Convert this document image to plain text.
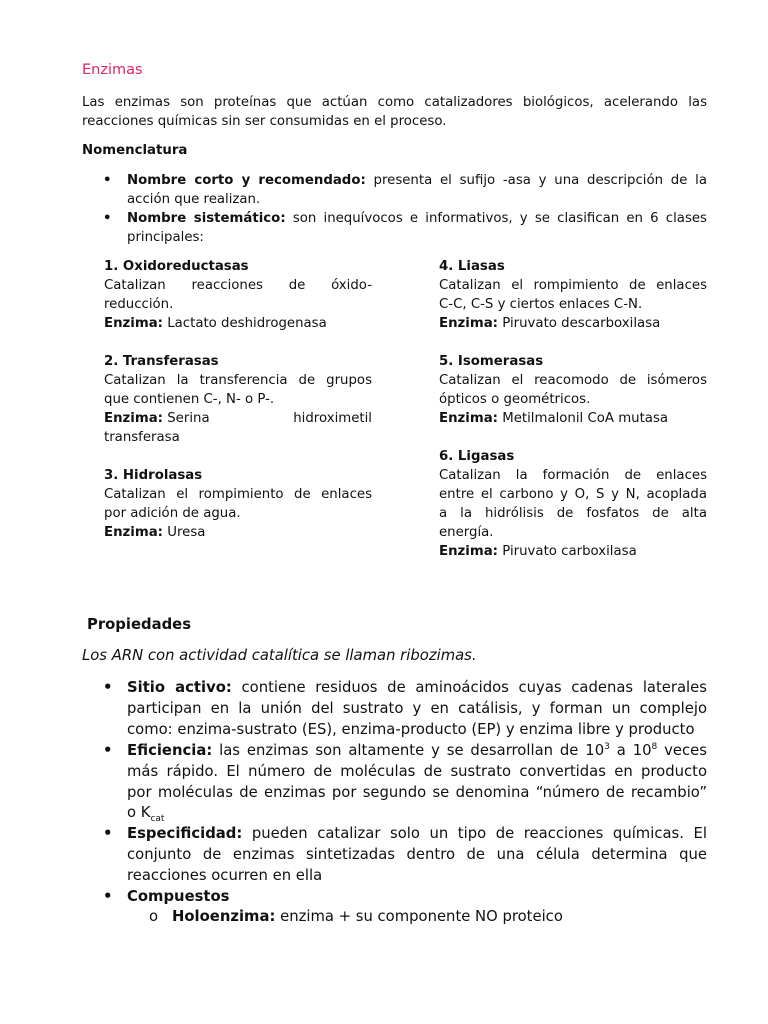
Enzimas
Las enzimas son proteínas que actúan como catalizadores biológicos, acelerando las
reacciones químicas sin ser consumidas en el proceso.
Nomenclatura
• Nombre corto y recomendado: presenta el sufijo -asa y una descripción de la
acción que realizan.
• Nombre sistemático: son inequívocos e informativos, y se clasifican en 6 clases
principales:
1. Oxidoreductasas
Catalizan reacciones de óxido-
reducción.
Enzima: Lactato deshidrogenasa
2. Transferasas
Catalizan la transferencia de grupos
que contienen C-, N- o P-.
Enzima: Serina	hidroximetil
transferasa
3. Hidrolasas
Catalizan el rompimiento de enlaces
por adición de agua.
Enzima: Uresa
4. Liasas
Catalizan el rompimiento de enlaces
C-C, C-S y ciertos enlaces C-N.
Enzima: Piruvato descarboxilasa
5. Isomerasas
Catalizan el reacomodo de isómeros
ópticos o geométricos.
Enzima: Metilmalonil CoA mutasa
6. Ligasas
Catalizan la formación de enlaces
entre el carbono y O, S y N, acoplada
a la hidrólisis de fosfatos de alta
energía.
Enzima: Piruvato carboxilasa
Propiedades
Los ARN con actividad catalítica se llaman ribozimas.
• Sitio activo: contiene residuos de aminoácidos cuyas cadenas laterales
participan en la unión del sustrato y en catálisis, y forman un complejo
como: enzima-sustrato (ES), enzima-producto (EP) y enzima libre y producto
• Eficiencia: las enzimas son altamente y se desarrollan de $10^3$ a $10^8$ veces
más rápido. El número de moléculas de sustrato convertidas en producto
por moléculas de enzimas por segundo se denomina “número de recambio”
o $K_{cat}$
• Especificidad: pueden catalizar solo un tipo de reacciones químicas. El
conjunto de enzimas sintetizadas dentro de una célula determina que
reacciones ocurren en ella
• Compuestos
o Holoenzima: enzima + su componente NO proteico
